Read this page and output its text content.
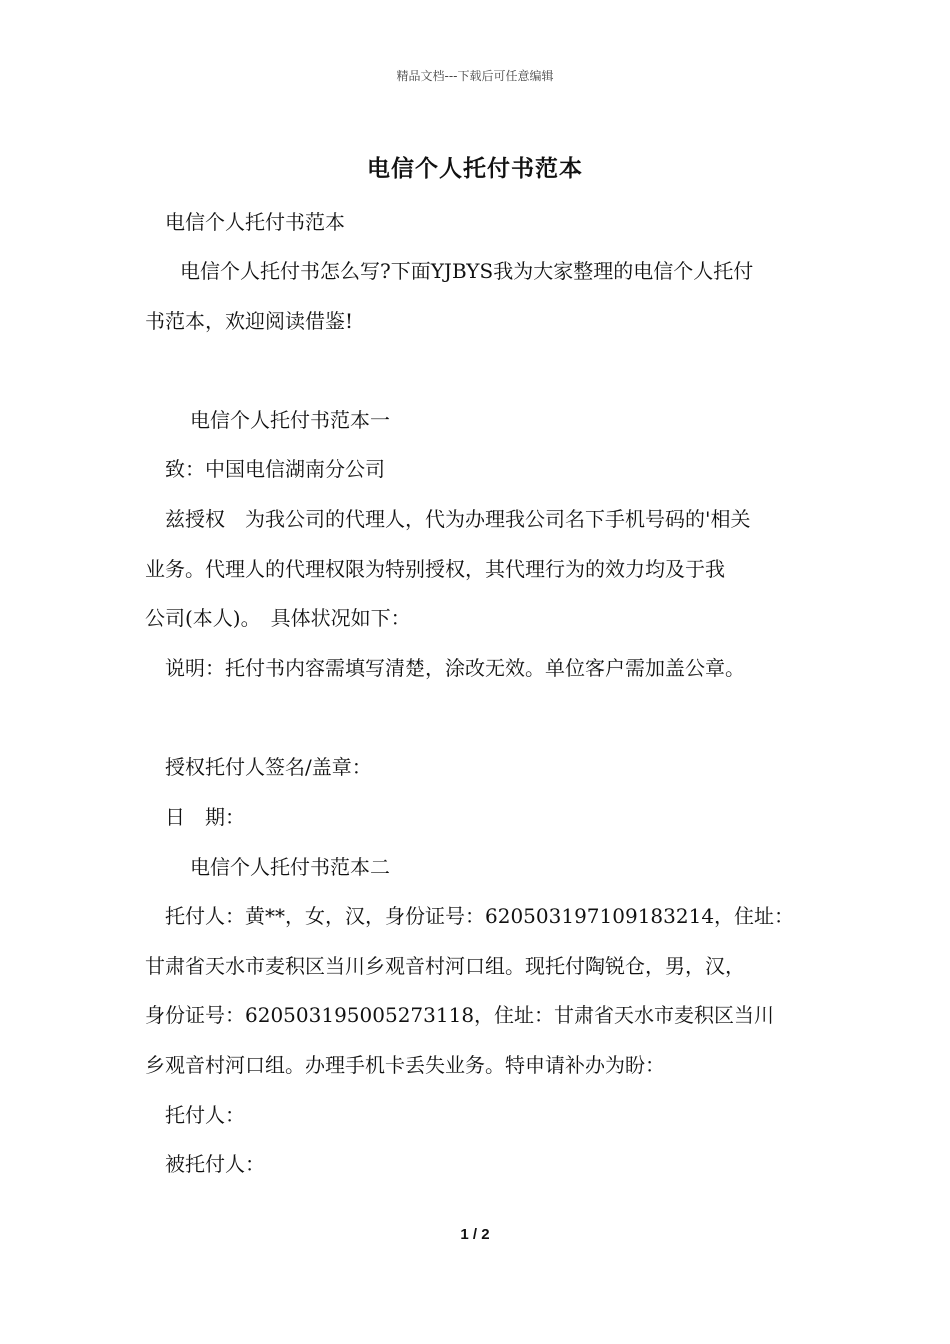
精品文档---下载后可任意编辑
电信个人托付书范本
电信个人托付书范本
电信个人托付书怎么写?下面YJBYS我为大家整理的电信个人托付
书范本，欢迎阅读借鉴!
电信个人托付书范本一
致：中国电信湖南分公司
兹授权　为我公司的代理人，代为办理我公司名下手机号码的'相关
业务。代理人的代理权限为特别授权，其代理行为的效力均及于我
公司(本人)。　具体状况如下：
说明：托付书内容需填写清楚，涂改无效。单位客户需加盖公章。
授权托付人签名/盖章：
日　期：
电信个人托付书范本二
托付人：黄**，女，汉，身份证号：620503197109183214，住址：
甘肃省天水市麦积区当川乡观音村河口组。现托付陶锐仓，男，汉，
身份证号：620503195005273118，住址：甘肃省天水市麦积区当川
乡观音村河口组。办理手机卡丢失业务。特申请补办为盼：
托付人：
被托付人：
1 / 2
